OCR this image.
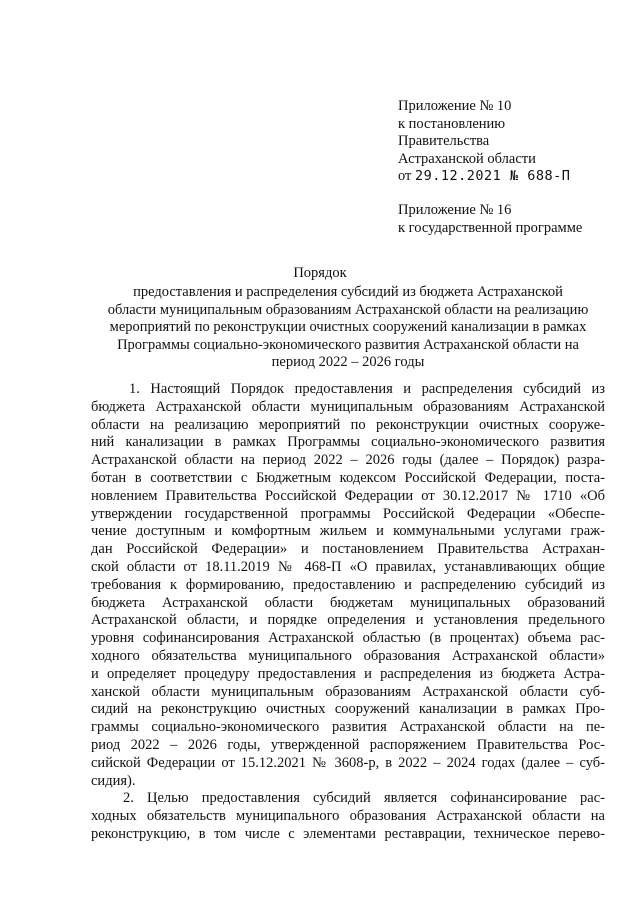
Приложение № 10
к постановлению
Правительства
Астраханской области
от 29.12.2021 № 688-П
Приложение № 16
к государственной программе
Порядок
предоставления и распределения субсидий из бюджета Астраханской
области муниципальным образованиям Астраханской области на реализацию
мероприятий по реконструкции очистных сооружений канализации в рамках
Программы социально-экономического развития Астраханской области на
период 2022 – 2026 годы
1. Настоящий Порядок предоставления и распределения субсидий из
бюджета Астраханской области муниципальным образованиям Астраханской
области на реализацию мероприятий по реконструкции очистных сооруже-
ний канализации в рамках Программы социально-экономического развития
Астраханской области на период 2022 – 2026 годы (далее – Порядок) разра-
ботан в соответствии с Бюджетным кодексом Российской Федерации, поста-
новлением Правительства Российской Федерации от 30.12.2017 № 1710 «Об
утверждении государственной программы Российской Федерации «Обеспе-
чение доступным и комфортным жильем и коммунальными услугами граж-
дан Российской Федерации» и постановлением Правительства Астрахан-
ской области от 18.11.2019 № 468-П «О правилах, устанавливающих общие
требования к формированию, предоставлению и распределению субсидий из
бюджета Астраханской области бюджетам муниципальных образований
Астраханской области, и порядке определения и установления предельного
уровня софинансирования Астраханской областью (в процентах) объема рас-
ходного обязательства муниципального образования Астраханской области»
и определяет процедуру предоставления и распределения из бюджета Астра-
ханской области муниципальным образованиям Астраханской области суб-
сидий на реконструкцию очистных сооружений канализации в рамках Про-
граммы социально-экономического развития Астраханской области на пе-
риод 2022 – 2026 годы, утвержденной распоряжением Правительства Рос-
сийской Федерации от 15.12.2021 № 3608-р, в 2022 – 2024 годах (далее – суб-
сидия).
2. Целью предоставления субсидий является софинансирование рас-
ходных обязательств муниципального образования Астраханской области на
реконструкцию, в том числе с элементами реставрации, техническое перево-
